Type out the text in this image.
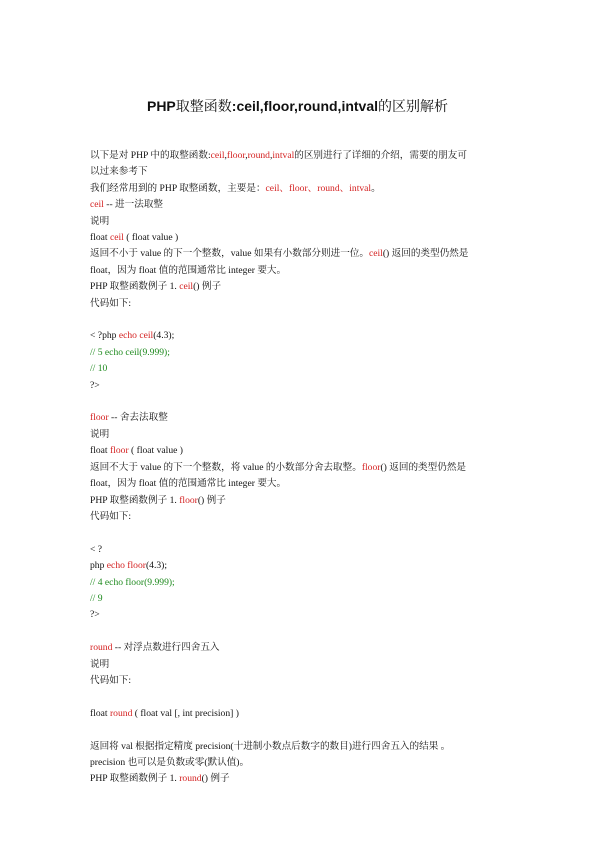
PHP取整函数:ceil,floor,round,intval的区别解析
以下是对 PHP 中的取整函数:ceil,floor,round,intval的区别进行了详细的介绍，需要的朋友可
以过来参考下
我们经常用到的 PHP 取整函数，主要是：ceil、floor、round、intval。
ceil -- 进一法取整
说明
float ceil ( float value )
返回不小于 value 的下一个整数，value 如果有小数部分则进一位。ceil() 返回的类型仍然是
float，因为 float 值的范围通常比 integer 要大。
PHP 取整函数例子 1. ceil() 例子
代码如下:
< ?php echo ceil(4.3);
// 5 echo ceil(9.999);
// 10
?>
floor -- 舍去法取整
说明
float floor ( float value )
返回不大于 value 的下一个整数，将 value 的小数部分舍去取整。floor() 返回的类型仍然是
float，因为 float 值的范围通常比 integer 要大。
PHP 取整函数例子 1. floor() 例子
代码如下:
< ?
php echo floor(4.3);
// 4 echo floor(9.999);
// 9
?>
round -- 对浮点数进行四舍五入
说明
代码如下:
float round ( float val [, int precision] )
返回将 val 根据指定精度 precision(十进制小数点后数字的数目)进行四舍五入的结果 。
precision 也可以是负数或零(默认值)。
PHP 取整函数例子 1. round() 例子
